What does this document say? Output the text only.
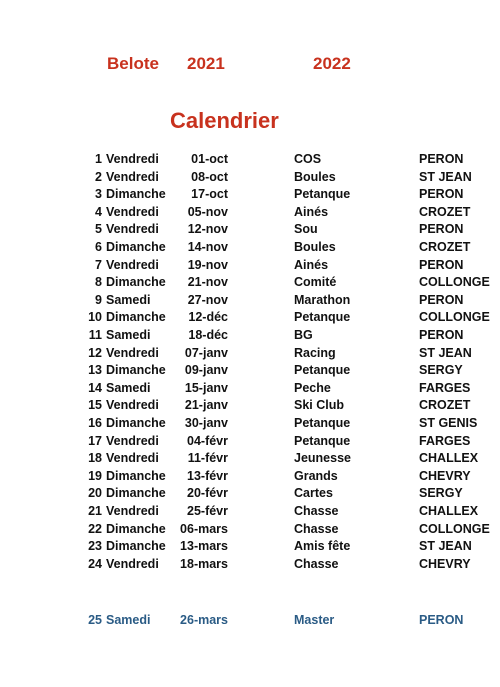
Belote 2021	2022
Calendrier
1 Vendredi	01-oct	COS	PERON
2 Vendredi	08-oct	Boules	ST JEAN
3 Dimanche	17-oct	Petanque	PERON
4 Vendredi	05-nov	Ainés	CROZET
5 Vendredi	12-nov	Sou	PERON
6 Dimanche	14-nov	Boules	CROZET
7 Vendredi	19-nov	Ainés	PERON
8 Dimanche	21-nov	Comité	COLLONGE
9 Samedi	27-nov	Marathon	PERON
10 Dimanche	12-déc	Petanque	COLLONGE
11 Samedi	18-déc	BG	PERON
12 Vendredi	07-janv	Racing	ST JEAN
13 Dimanche	09-janv	Petanque	SERGY
14 Samedi	15-janv	Peche	FARGES
15 Vendredi	21-janv	Ski Club	CROZET
16 Dimanche	30-janv	Petanque	ST GENIS
17 Vendredi	04-févr	Petanque	FARGES
18 Vendredi	11-févr	Jeunesse	CHALLEX
19 Dimanche	13-févr	Grands	CHEVRY
20 Dimanche	20-févr	Cartes	SERGY
21 Vendredi	25-févr	Chasse	CHALLEX
22 Dimanche	06-mars	Chasse	COLLONGE
23 Dimanche	13-mars	Amis fête	ST JEAN
24 Vendredi	18-mars	Chasse	CHEVRY
25 Samedi	26-mars	Master	PERON
